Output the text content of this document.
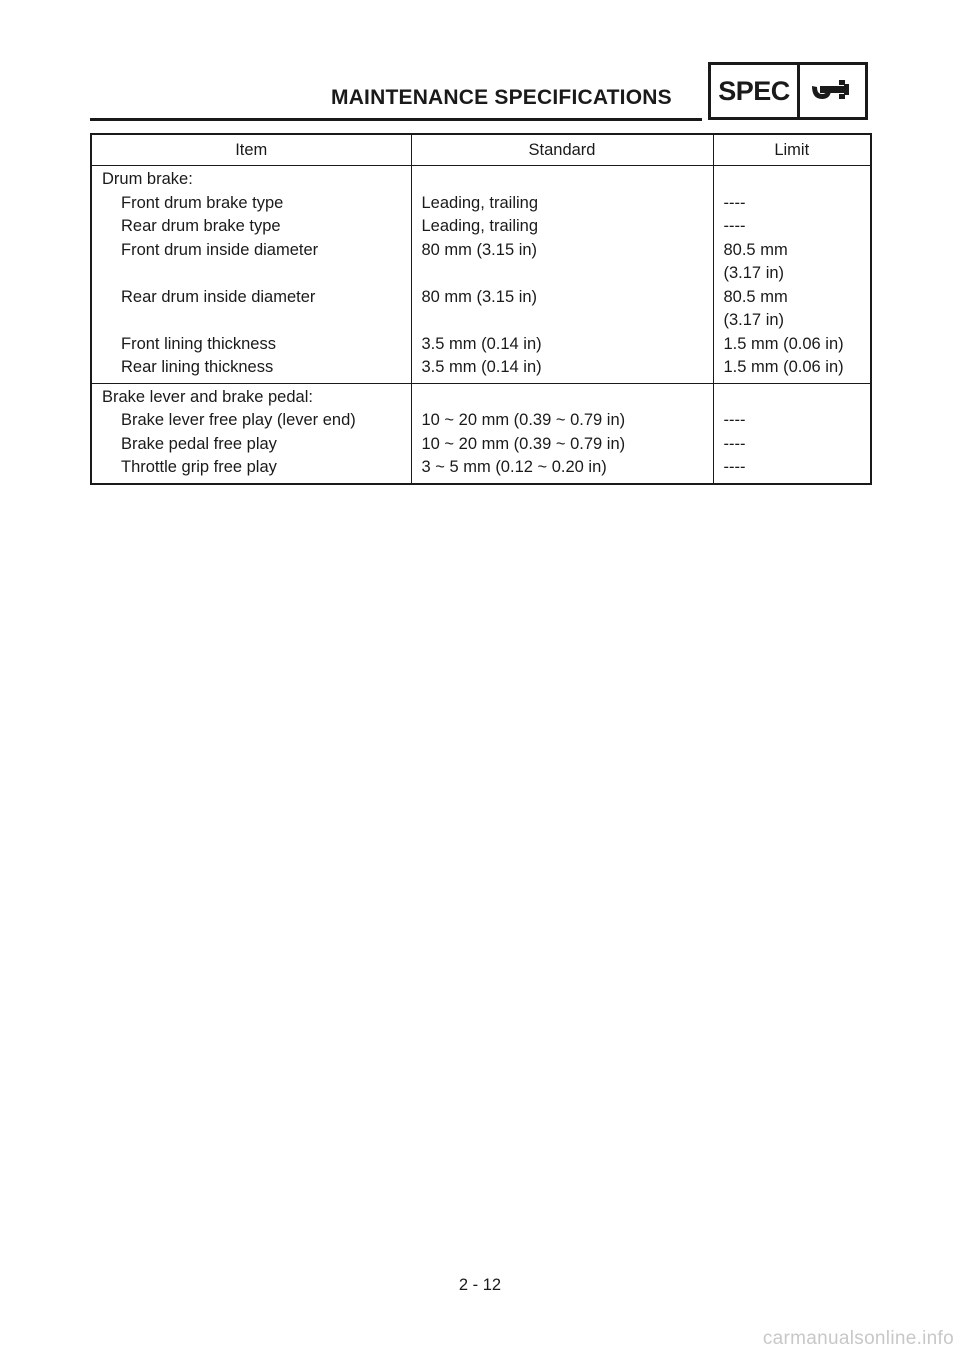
MAINTENANCE SPECIFICATIONS SPEC
Item	Standard	Limit
Drum brake:		
Front drum brake type	Leading, trailing	----
Rear drum brake type	Leading, trailing	----
Front drum inside diameter	80 mm (3.15 in)	80.5 mm
(3.17 in)

Rear drum inside diameter	80 mm (3.15 in)	80.5 mm
(3.17 in)

Front lining thickness	3.5 mm (0.14 in)	1.5 mm (0.06 in)
Rear lining thickness	3.5 mm (0.14 in)	1.5 mm (0.06 in)
Brake lever and brake pedal:		
Brake lever free play (lever end)	10 ~ 20 mm (0.39 ~ 0.79 in)	----
Brake pedal free play	10 ~ 20 mm (0.39 ~ 0.79 in)	----
Throttle grip free play	3 ~ 5 mm (0.12 ~ 0.20 in)	----
2 - 12
carmanualsonline.info
